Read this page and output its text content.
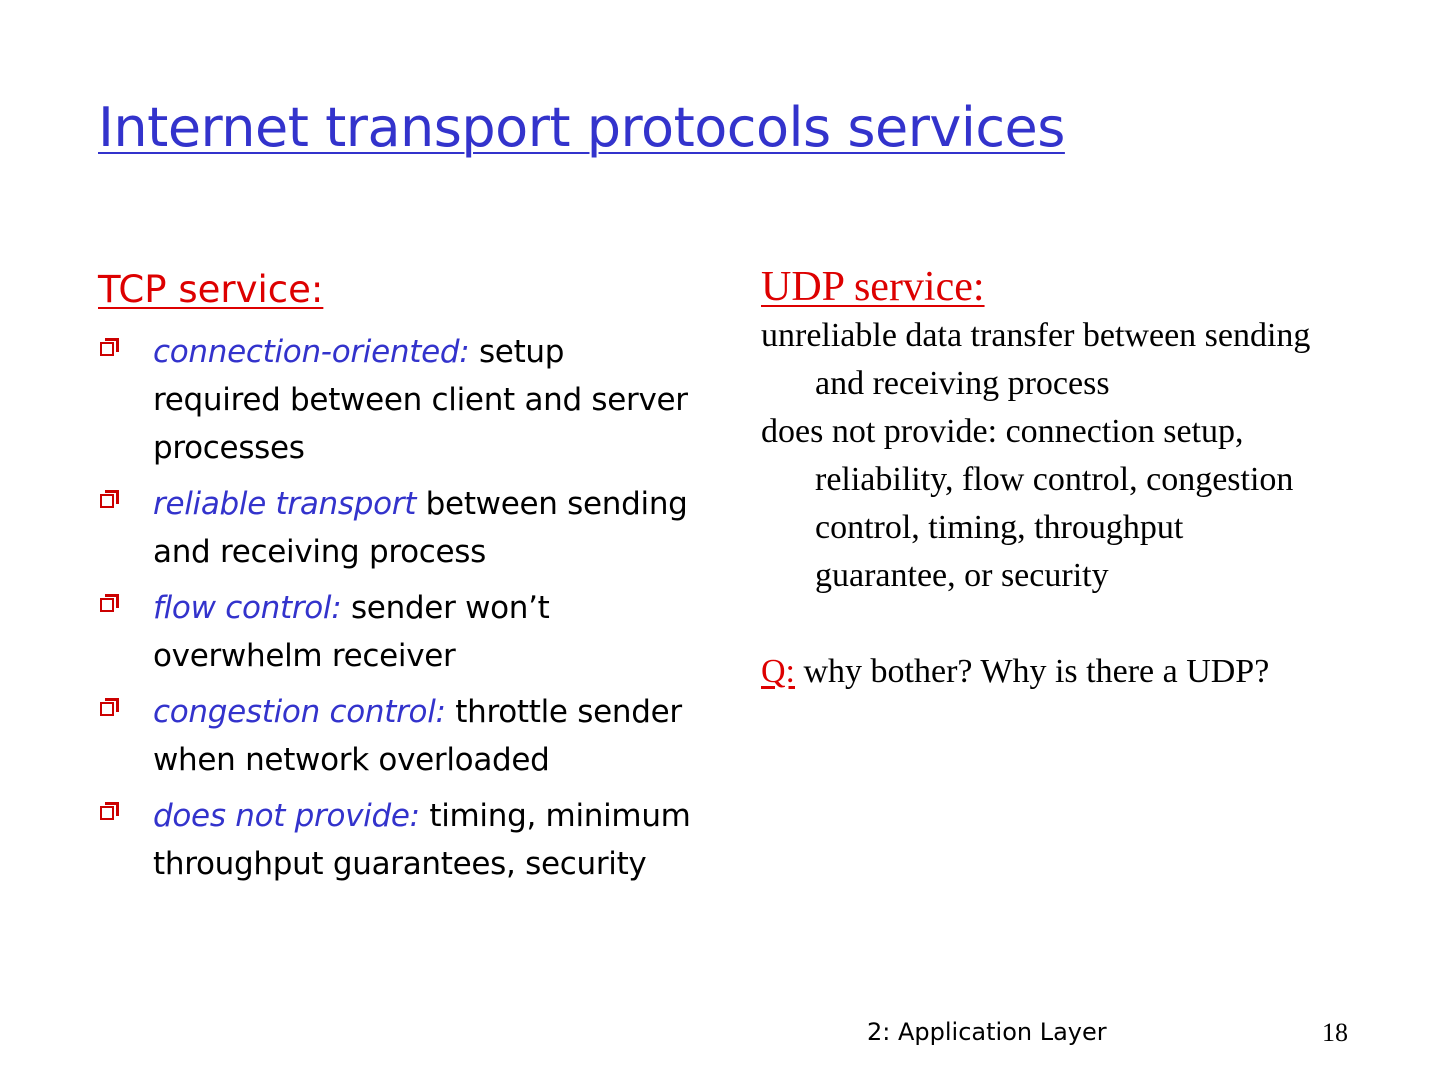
Internet transport protocols services
TCP service:
connection-oriented: setup required between client and server processes
reliable transport between sending and receiving process
flow control: sender won’t overwhelm receiver
congestion control: throttle sender when network overloaded
does not provide: timing, minimum throughput guarantees, security
UDP service:

unreliable data transfer between sending and receiving process

does not provide: connection setup, reliability, flow control, congestion control, timing, throughput guarantee, or security

Q: why bother? Why is there a UDP?

2: Application Layer	18
